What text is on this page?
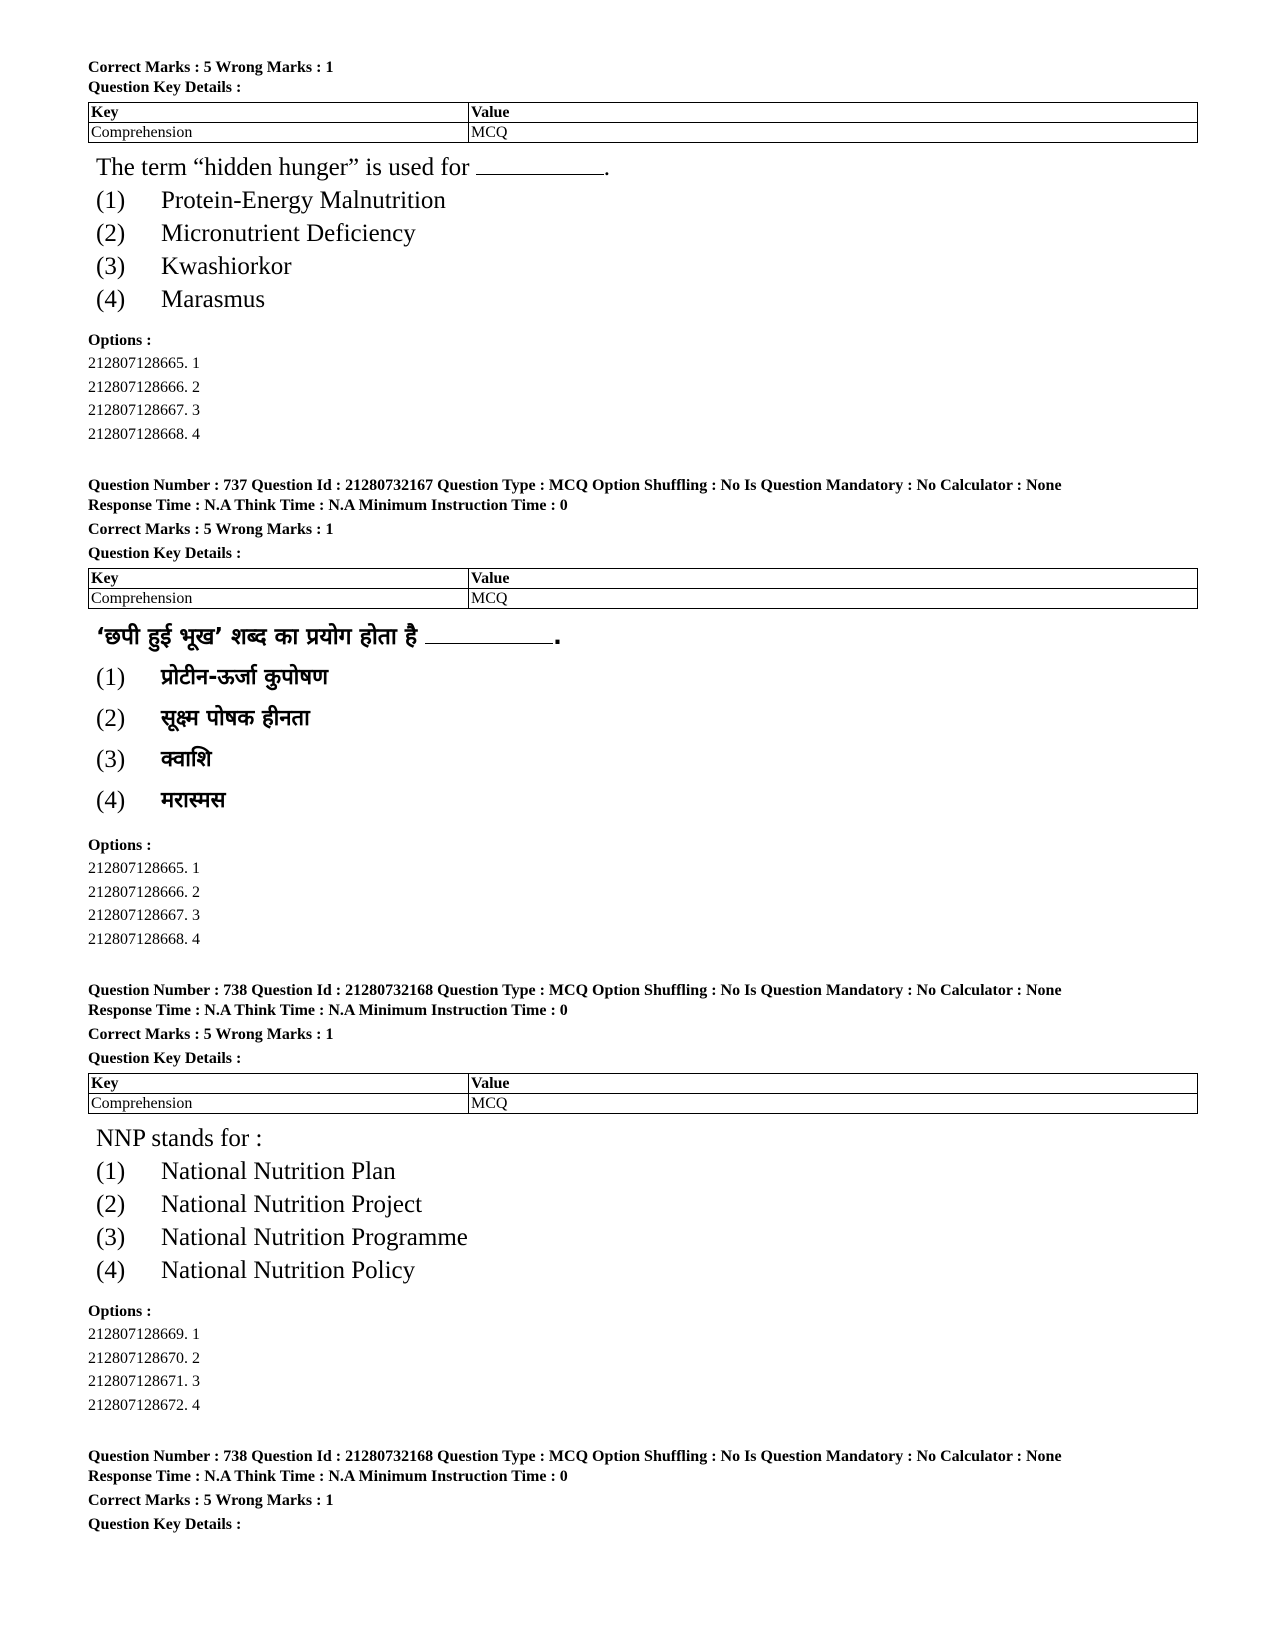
Correct Marks : 5 Wrong Marks : 1
Question Key Details :
Key	Value
Comprehension	MCQ
The term “hidden hunger” is used for	.
(1)	Protein-Energy Malnutrition
(2)	Micronutrient Deficiency
(3)	Kwashiorkor
(4)	Marasmus
Options :
212807128665. 1
212807128666. 2
212807128667. 3
212807128668. 4
Question Number : 737 Question Id : 21280732167 Question Type : MCQ Option Shuffling : No Is Question Mandatory : No Calculator : None
Response Time : N.A Think Time : N.A Minimum Instruction Time : 0
Correct Marks : 5 Wrong Marks : 1
Question Key Details :
Key	Value
Comprehension	MCQ
‘छपी हुई भूख’ शब्द का प्रयोग होता है	.
(1)	प्रोटीन-ऊर्जा कुपोषण
(2)	सूक्ष्म पोषक हीनता
(3)	क्वाशि
(4)	मरास्मस
Options :
212807128665. 1
212807128666. 2
212807128667. 3
212807128668. 4
Question Number : 738 Question Id : 21280732168 Question Type : MCQ Option Shuffling : No Is Question Mandatory : No Calculator : None
Response Time : N.A Think Time : N.A Minimum Instruction Time : 0
Correct Marks : 5 Wrong Marks : 1
Question Key Details :
Key	Value
Comprehension	MCQ
NNP stands for :
(1)	National Nutrition Plan
(2)	National Nutrition Project
(3)	National Nutrition Programme
(4)	National Nutrition Policy
Options :
212807128669. 1
212807128670. 2
212807128671. 3
212807128672. 4
Question Number : 738 Question Id : 21280732168 Question Type : MCQ Option Shuffling : No Is Question Mandatory : No Calculator : None
Response Time : N.A Think Time : N.A Minimum Instruction Time : 0
Correct Marks : 5 Wrong Marks : 1
Question Key Details :
